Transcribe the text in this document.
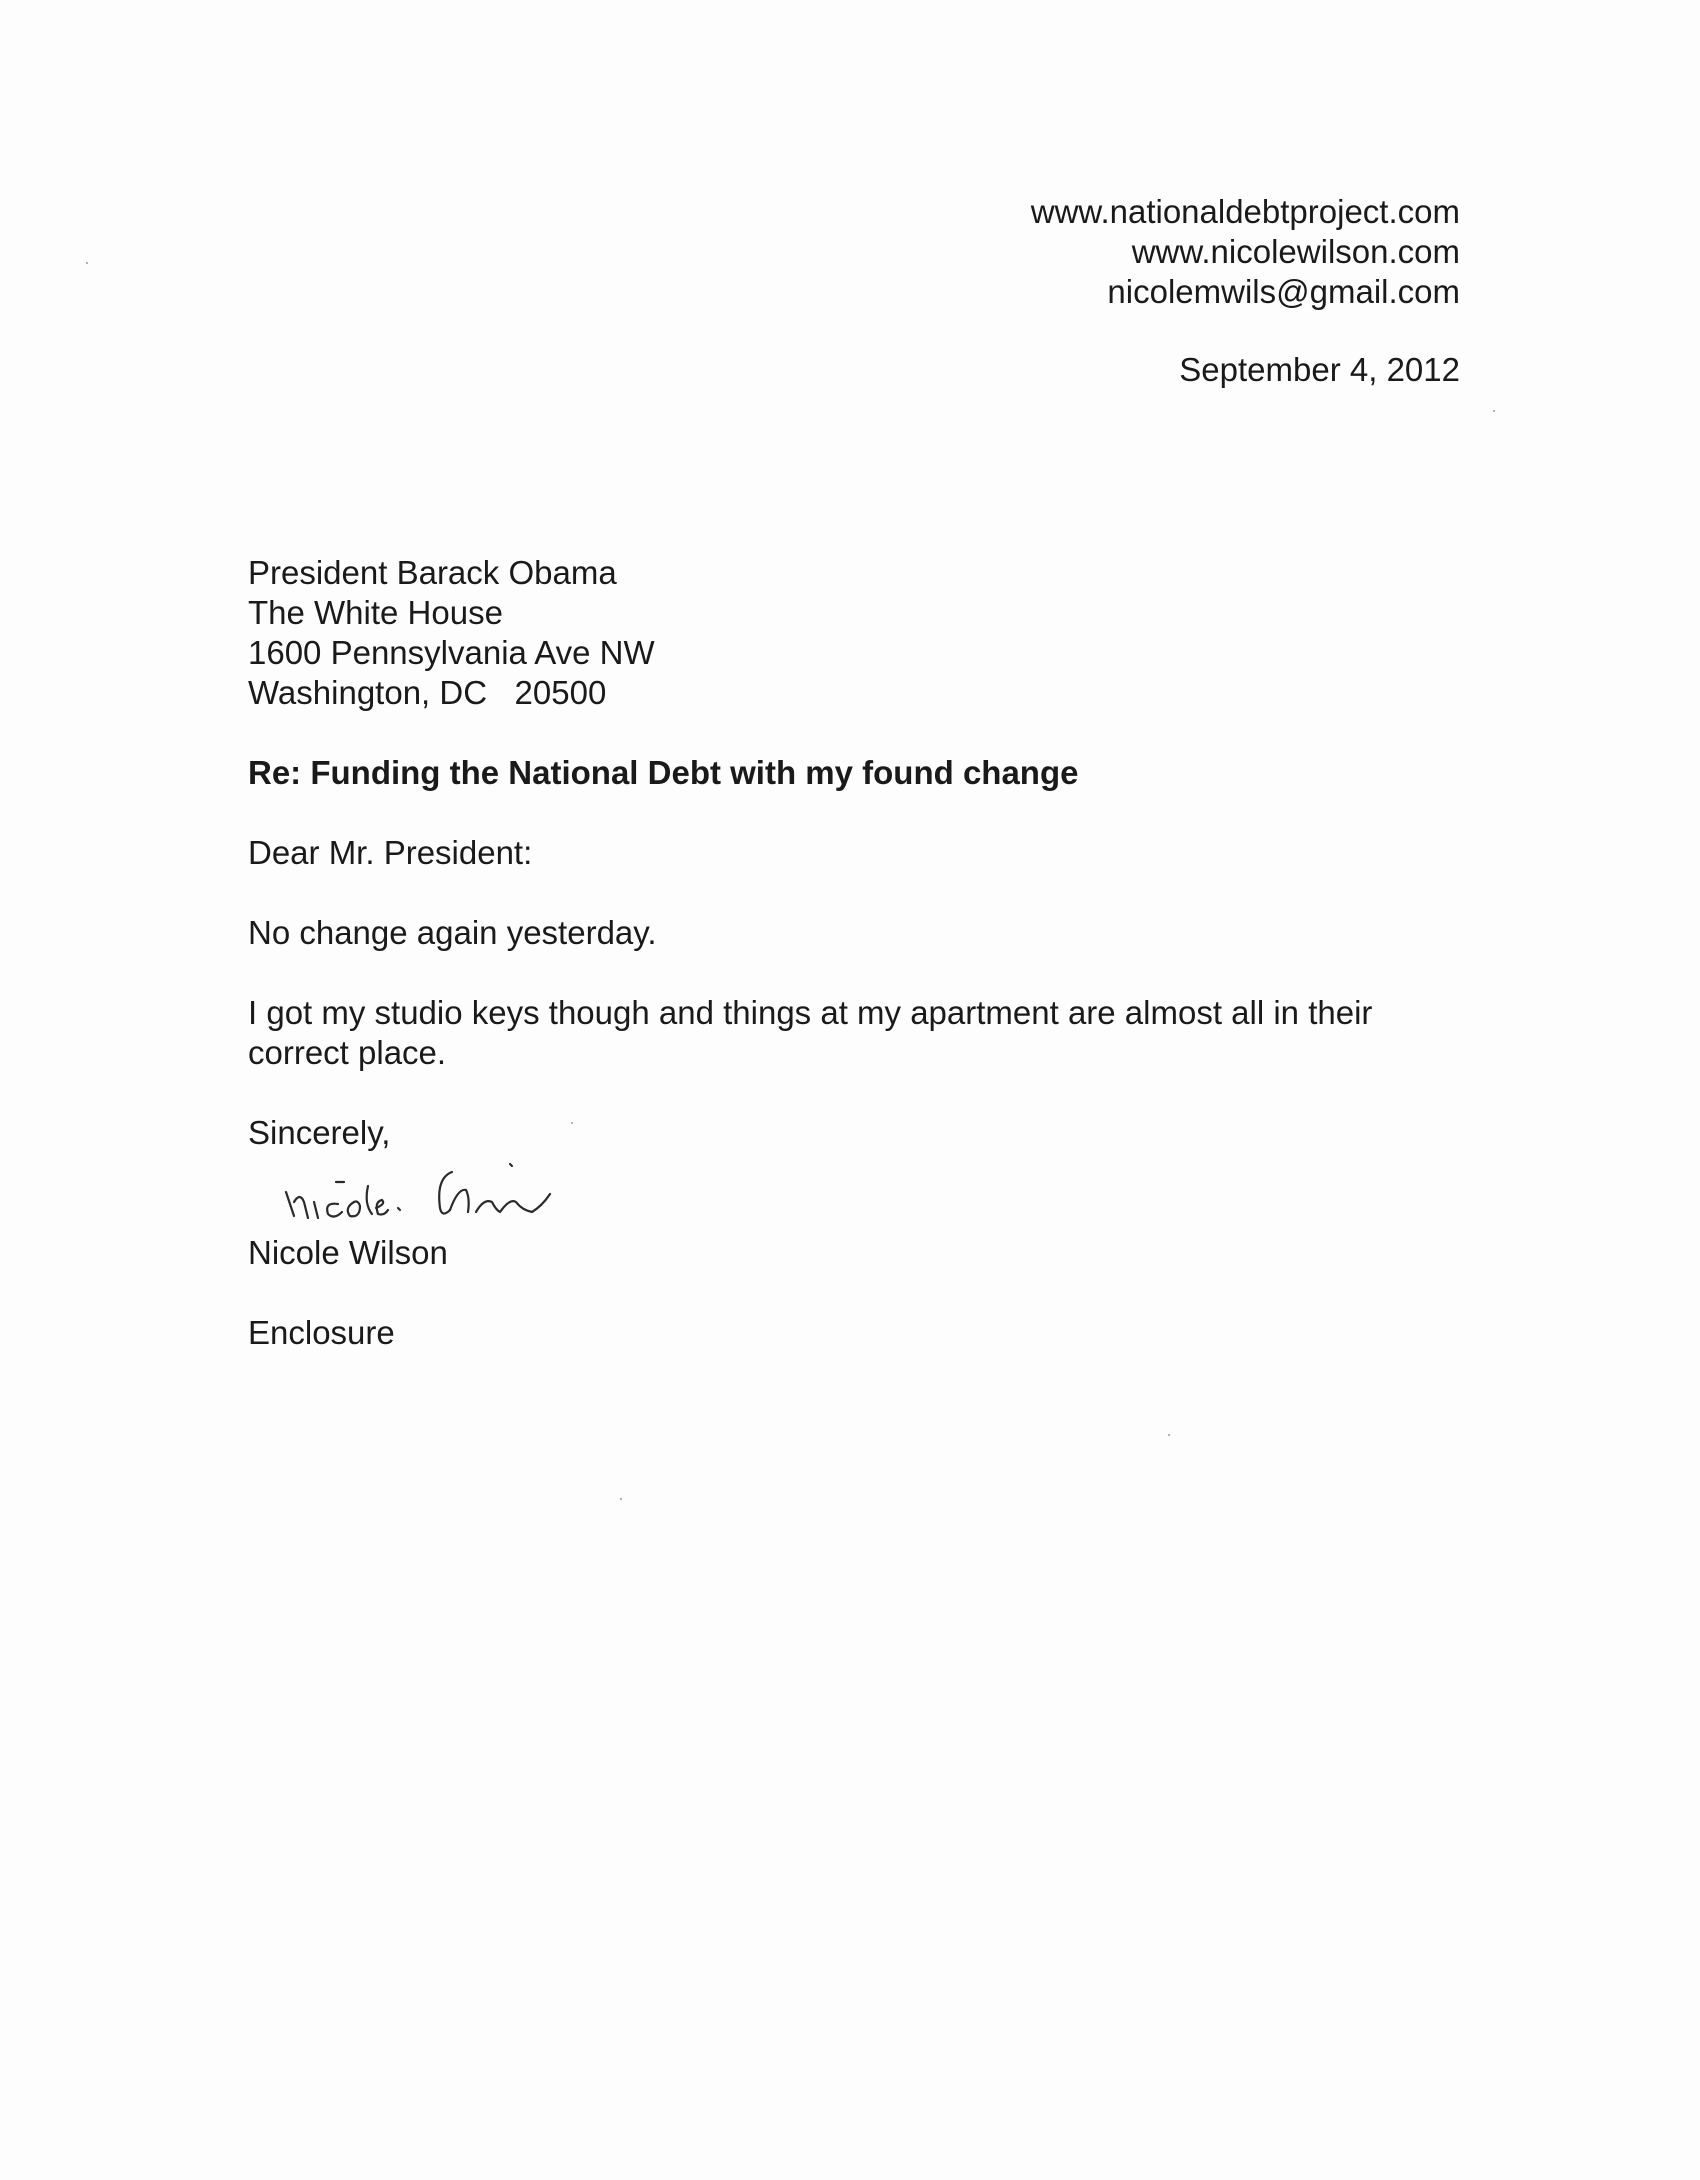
www.nationaldebtproject.com
www.nicolewilson.com
nicolemwils@gmail.com
September 4, 2012
President Barack Obama
The White House
1600 Pennsylvania Ave NW
Washington, DC   20500
Re: Funding the National Debt with my found change
Dear Mr. President:
No change again yesterday.
I got my studio keys though and things at my apartment are almost all in their correct place.
Sincerely,
Nicole Wilson
Enclosure
